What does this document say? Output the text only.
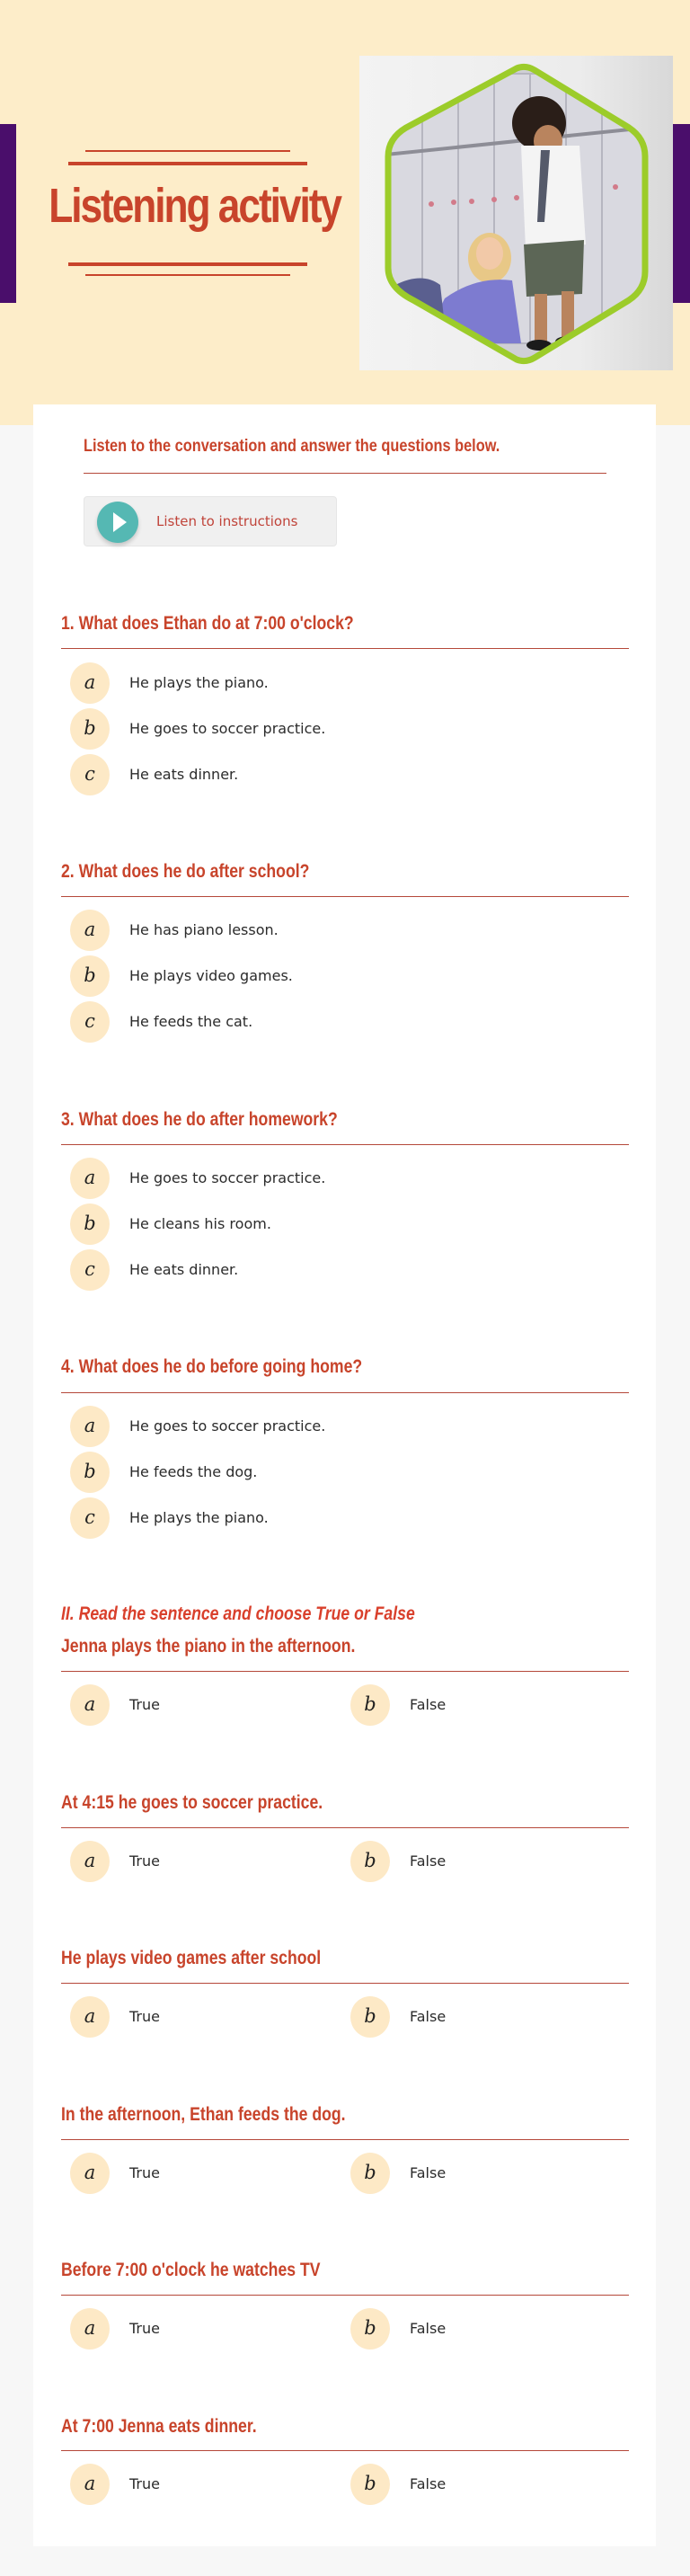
Listening activity
Listen to the conversation and answer the questions below.
Listen to instructions
1. What does Ethan do at 7:00 o'clock?
a	He plays the piano.
b	He goes to soccer practice.
c	He eats dinner.
2. What does he do after school?
a	He has piano lesson.
b	He plays video games.
c	He feeds the cat.
3. What does he do after homework?
a	He goes to soccer practice.
b	He cleans his room.
c	He eats dinner.
4. What does he do before going home?
a	He goes to soccer practice.
b	He feeds the dog.
c	He plays the piano.
II. Read the sentence and choose True or False
Jenna plays the piano in the afternoon.
a	True	b	False
At 4:15 he goes to soccer practice.
a	True	b	False
He plays video games after school
a	True	b	False
In the afternoon, Ethan feeds the dog.
a	True	b	False
Before 7:00 o'clock he watches TV
a	True	b	False
At 7:00 Jenna eats dinner.
a	True	b	False
